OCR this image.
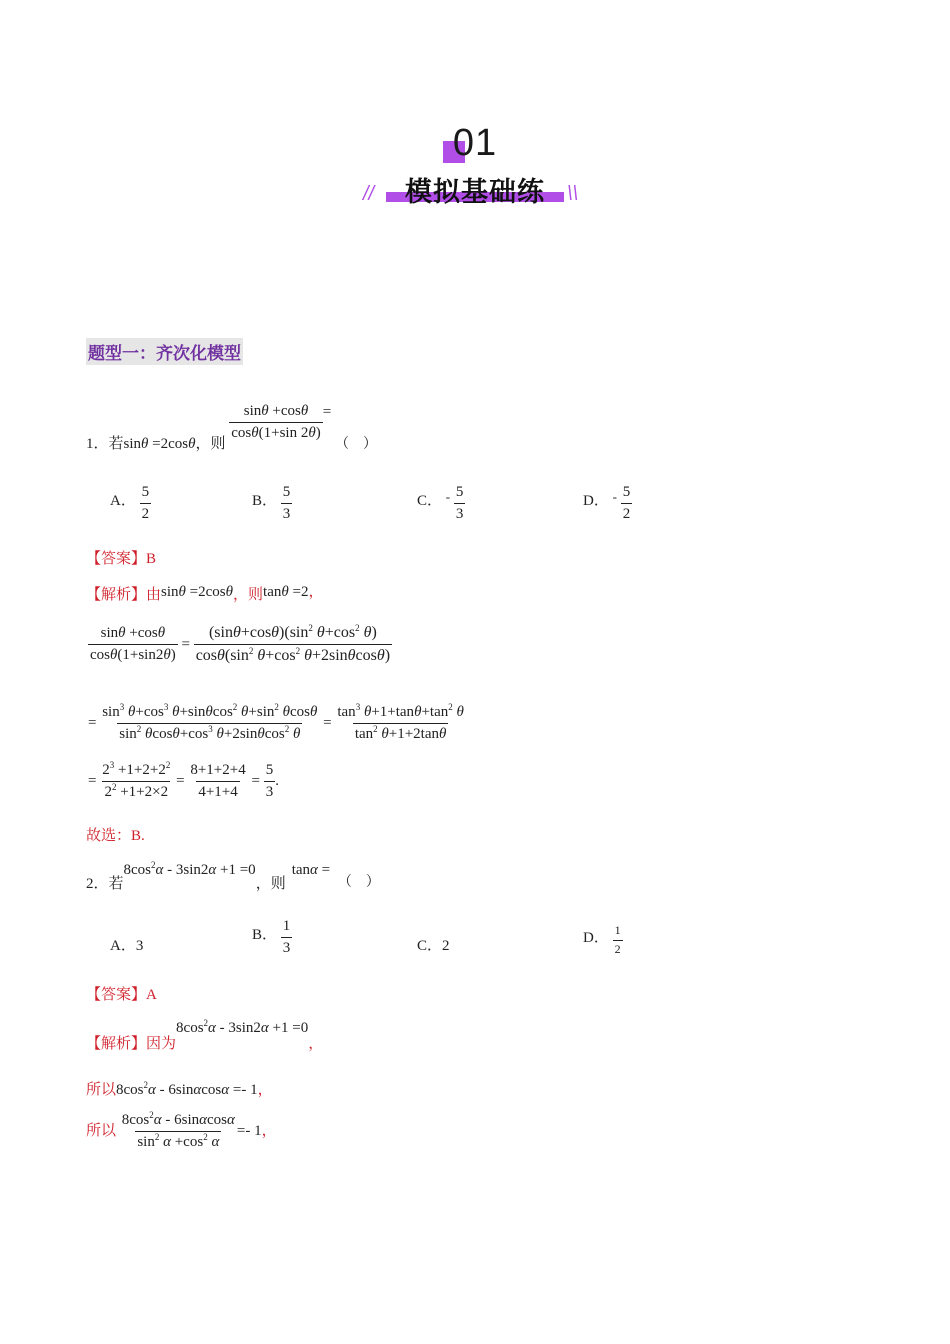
01
模拟基础练
//	\\
题型一：齐次化模型
1．若sinθ =2cosθ，则
$\frac{\sin\theta +\cos\theta}{\cos\theta(1+\sin 2\theta)}$ = （　）
A． $\frac{5}{2}$	B． $\frac{5}{3}$	C． - $\frac{5}{3}$	D． - $\frac{5}{2}$
【答案】B
【解析】由sinθ =2cosθ，则tanθ =2，
$\frac{\sin\theta +\cos\theta}{\cos\theta(1+\sin 2\theta)} = \frac{(\sin\theta+\cos\theta)(\sin^2 \theta+\cos^2 \theta)}{\cos\theta(\sin^2 \theta+\cos^2 \theta+2\sin\theta\cos\theta)}$
= $\frac{\sin^3 \theta+\cos^3 \theta+\sin\theta\cos^2 \theta+\sin^2 \theta\cos\theta}{\sin^2 \theta\cos\theta+\cos^3 \theta+2\sin\theta\cos^2 \theta} = \frac{\tan^3 \theta+1+\tan\theta+\tan^2 \theta}{\tan^2 \theta+1+2\tan\theta}$
= $\frac{2^3 +1+2+2^2}{2^2 +1+2\times 2} = \frac{8+1+2+4}{4+1+4} = \frac{5}{3}$ .
故选：B.
2．若$8\cos^2\alpha - 3\sin 2\alpha +1 =0$，则tanα = （　）
A．3
B． $\frac{1}{3}$	C．2
D． $\frac{1}{2}$
【答案】A
【解析】因为$8\cos^2\alpha - 3\sin 2\alpha +1 =0$，
所以$8\cos^2\alpha - 6\sin\alpha\cos\alpha =- 1$，
所以 $\frac{8\cos^2\alpha - 6\sin\alpha\cos\alpha}{\sin^2 \alpha +\cos^2 \alpha} =- 1$，
